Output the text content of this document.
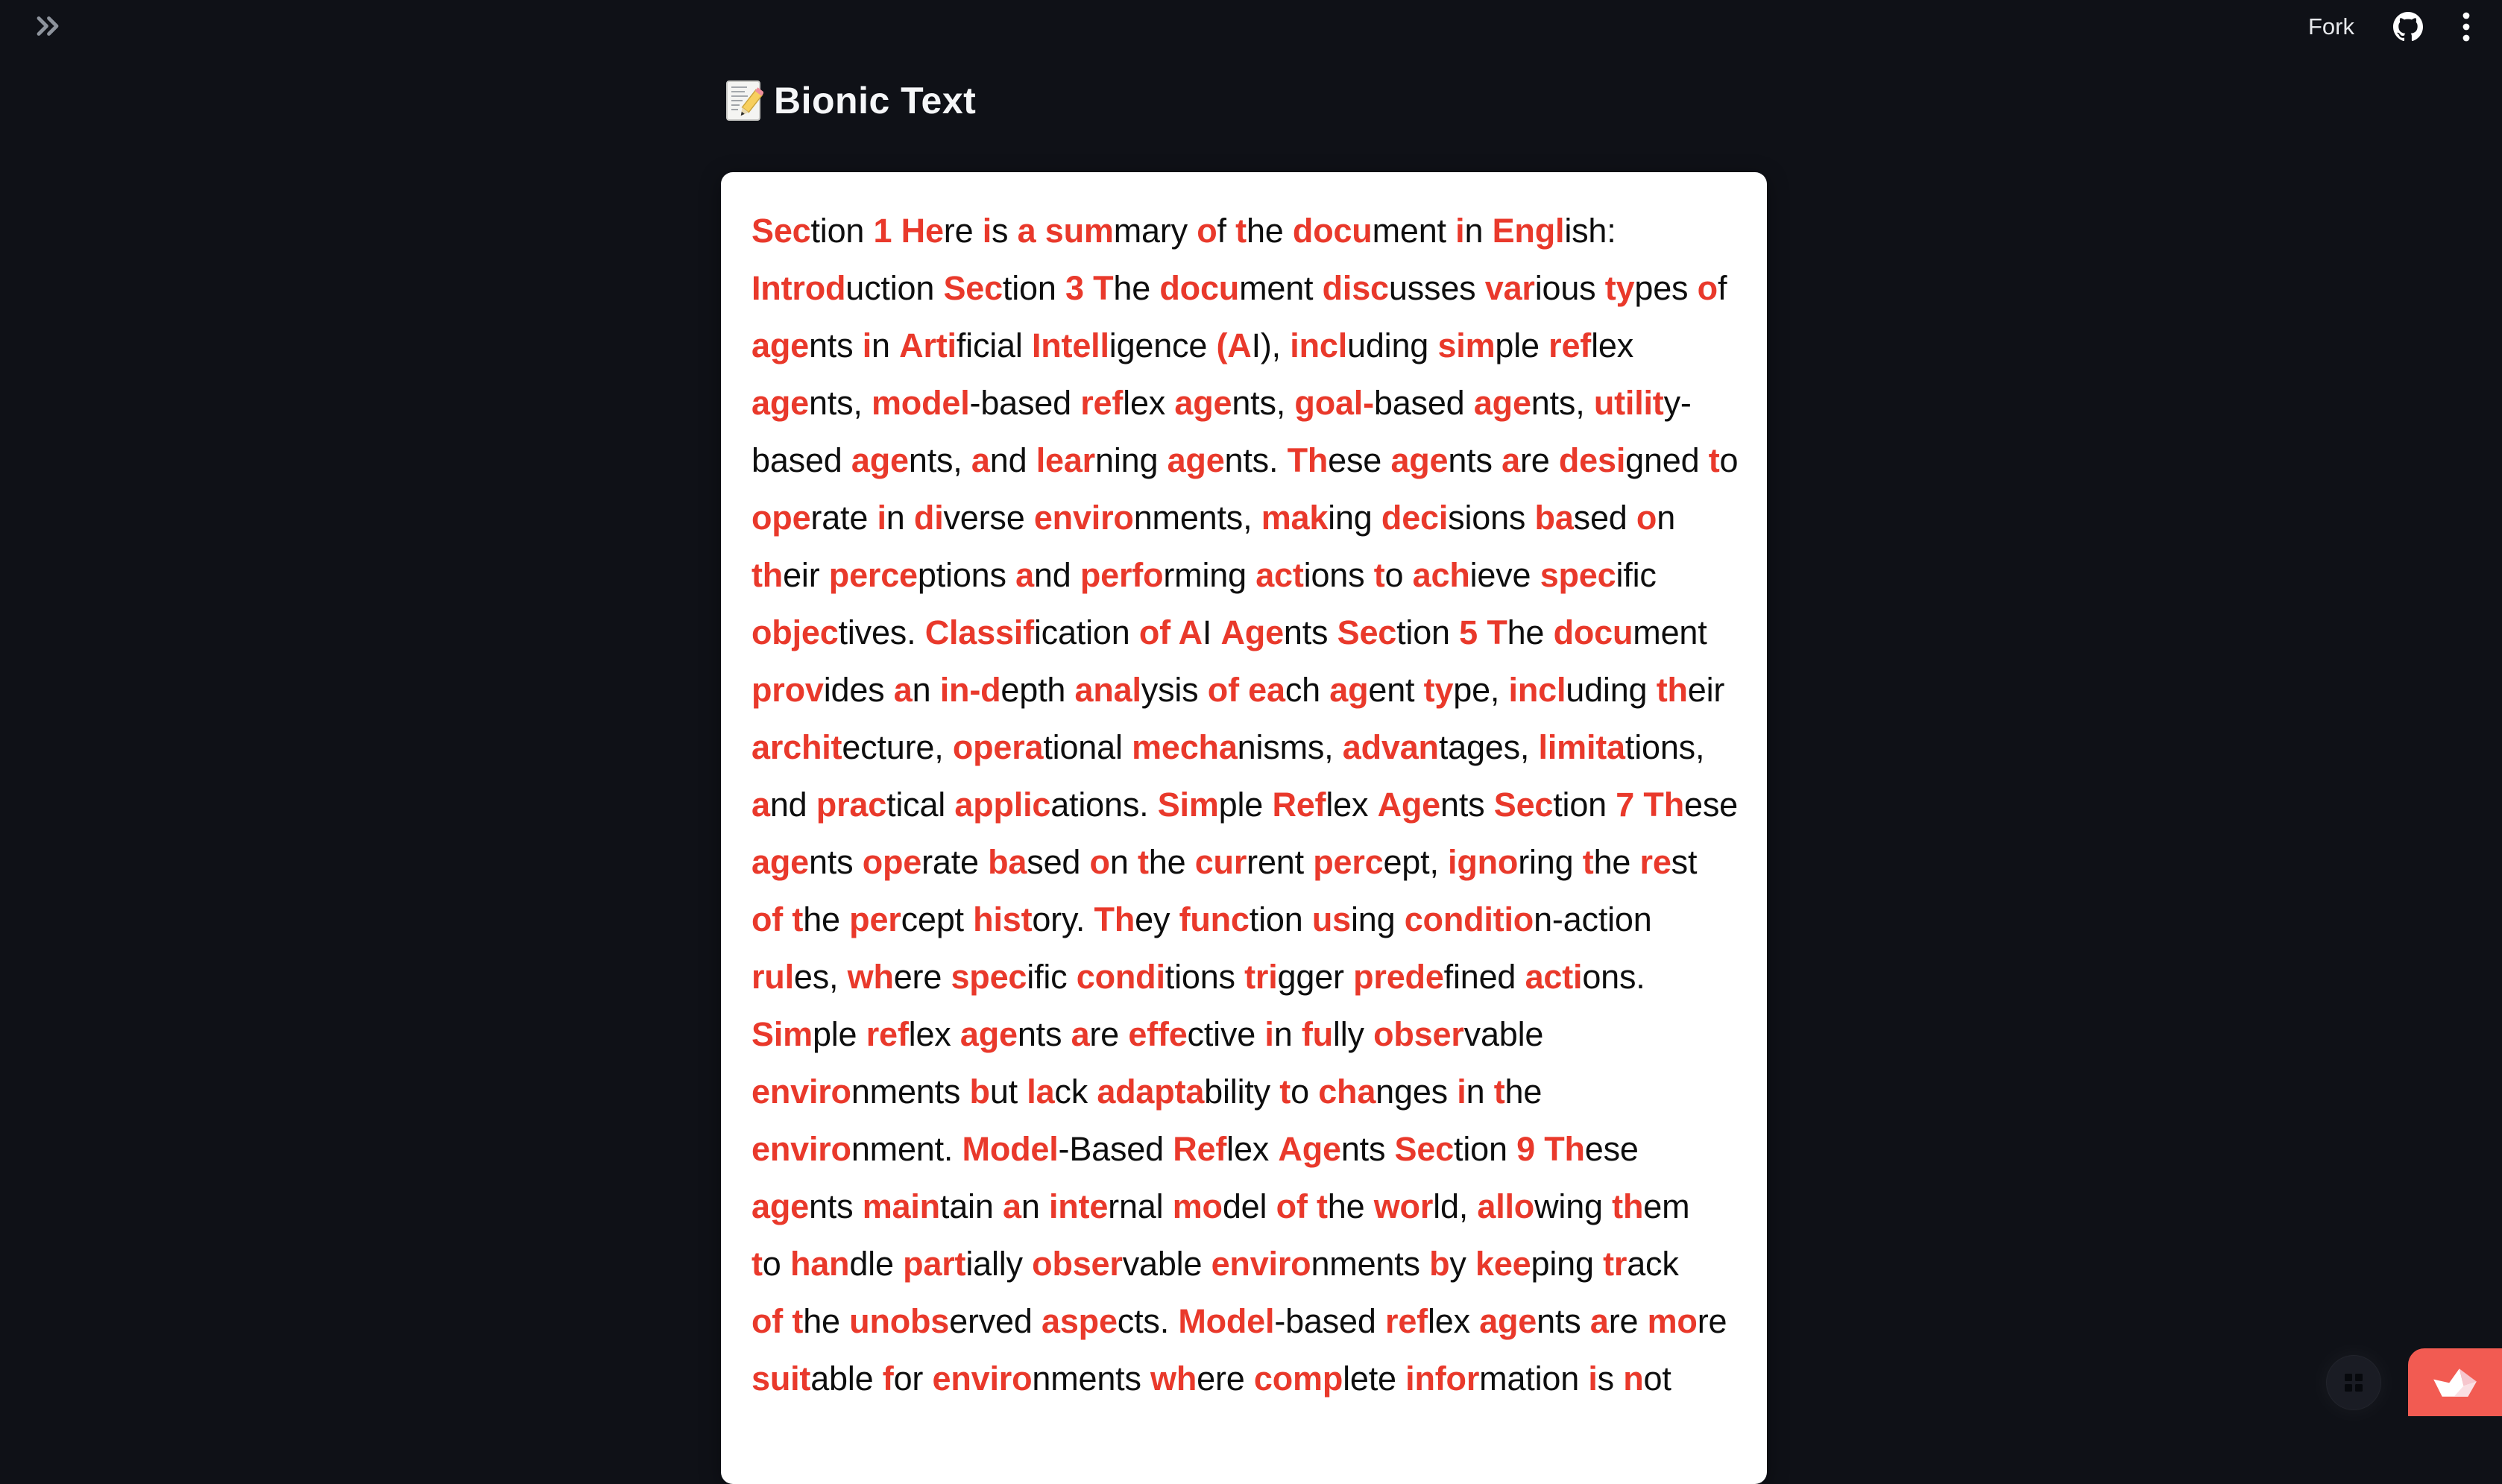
Fork
Bionic Text
Section 1 Here is a summary of the document in English:
Introduction Section 3 The document discusses various types of
agents in Artificial Intelligence (AI), including simple reflex
agents, model-based reflex agents, goal-based agents, utility-
based agents, and learning agents. These agents are designed to
operate in diverse environments, making decisions based on
their perceptions and performing actions to achieve specific
objectives. Classification of AI Agents Section 5 The document
provides an in-depth analysis of each agent type, including their
architecture, operational mechanisms, advantages, limitations,
and practical applications. Simple Reflex Agents Section 7 These
agents operate based on the current percept, ignoring the rest
of the percept history. They function using condition-action
rules, where specific conditions trigger predefined actions.
Simple reflex agents are effective in fully observable
environments but lack adaptability to changes in the
environment. Model-Based Reflex Agents Section 9 These
agents maintain an internal model of the world, allowing them
to handle partially observable environments by keeping track
of the unobserved aspects. Model-based reflex agents are more
suitable for environments where complete information is not
